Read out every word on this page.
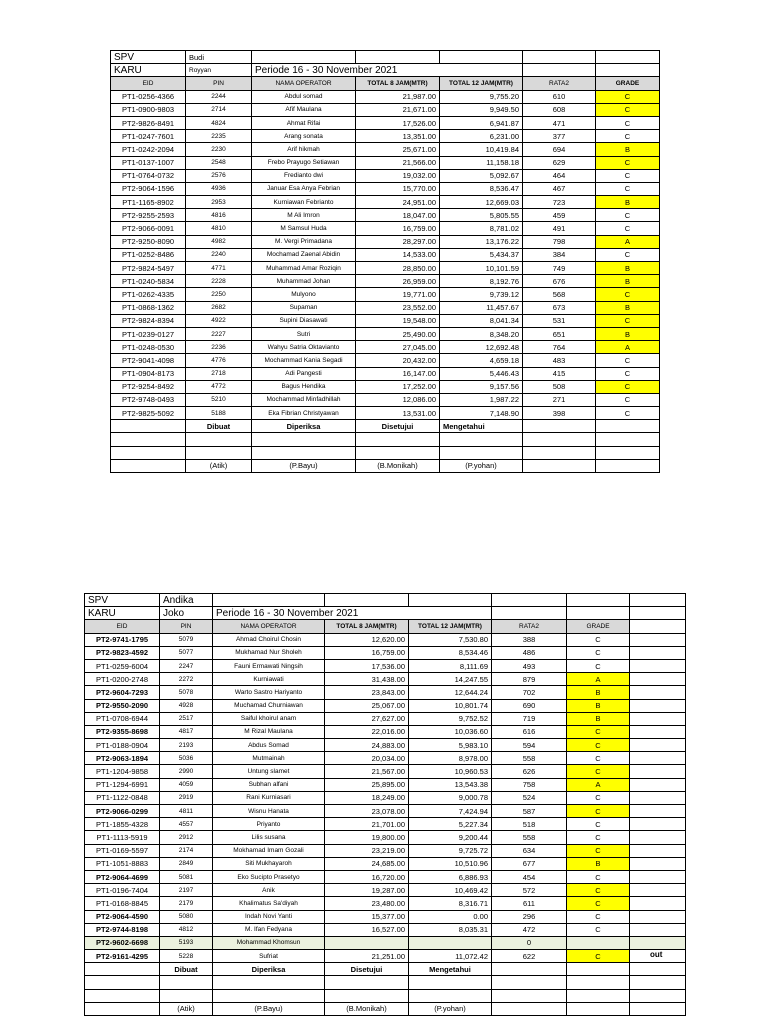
SPV	Budi					
KARU	Royyan	Periode 16 - 30 November 2021				
EID	PIN	NAMA OPERATOR	TOTAL 8 JAM(MTR)	TOTAL 12 JAM(MTR)	RATA2	GRADE
PT1-0256-4366	2244	Abdul somad	21,987.00	9,755.20	610	C
PT1-0900-9803	2714	Afif Maulana	21,671.00	9,949.50	608	C
PT2-9826-8491	4824	Ahmat Rifai	17,526.00	6,941.87	471	C
PT1-0247-7601	2235	Arang sonata	13,351.00	6,231.00	377	C
PT1-0242-2094	2230	Arif hikmah	25,671.00	10,419.84	694	B
PT1-0137-1007	2548	Frebo Prayugo Setiawan	21,566.00	11,158.18	629	C
PT1-0764-0732	2576	Fredianto dwi	19,032.00	5,092.67	464	C
PT2-9064-1596	4936	Januar Esa Anya Febrian	15,770.00	8,536.47	467	C
PT1-1165-8902	2953	Kurniawan Febrianto	24,951.00	12,669.03	723	B
PT2-9255-2593	4816	M Ali Imron	18,047.00	5,805.55	459	C
PT2-9066-0091	4810	M Samsul Huda	16,759.00	8,781.02	491	C
PT2-9250-8090	4982	M. Vergi Primadana	28,297.00	13,176.22	798	A
PT1-0252-8486	2240	Mochamad Zaenal Abidin	14,533.00	5,434.37	384	C
PT2-9824-5497	4771	Muhammad Amar Roziqin	28,850.00	10,101.59	749	B
PT1-0240-5834	2228	Muhammad Johan	26,959.00	8,192.76	676	B
PT1-0262-4335	2250	Mulyono	19,771.00	9,739.12	568	C
PT1-0868-1362	2682	Supaman	23,552.00	11,457.67	673	B
PT2-9824-8394	4922	Supini Diasawati	19,548.00	8,041.34	531	C
PT1-0239-0127	2227	Sutri	25,490.00	8,348.20	651	B
PT1-0248-0530	2236	Wahyu Satria Oktavianto	27,045.00	12,692.48	764	A
PT2-9041-4098	4776	Mochammad Kania Segadi	20,432.00	4,659.18	483	C
PT1-0904-8173	2718	Adi Pangesti	16,147.00	5,446.43	415	C
PT2-9254-8492	4772	Bagus Hendika	17,252.00	9,157.56	508	C
PT2-9748-0493	5210	Mochammad Minfadhillah	12,086.00	1,987.22	271	C
PT2-9825-5092	5188	Eka Fibrian Christyawan	13,531.00	7,148.90	398	C
	Dibuat	Diperiksa	Disetujui	Mengetahui		

	(Atik)	(P.Bayu)	(B.Monikah)	(P.yohan)		
SPV	Andika						
KARU	Joko	Periode 16 - 30 November 2021					
EID	PIN	NAMA OPERATOR	TOTAL 8 JAM(MTR)	TOTAL 12 JAM(MTR)	RATA2	GRADE	
PT2-9741-1795	5079	Ahmad Choirul Chosin	12,620.00	7,530.80	388	C	
PT2-9823-4592	5077	Mukhamad Nur Sholeh	16,759.00	8,534.46	486	C	
PT1-0259-6004	2247	Fauni Ermawati Ningsih	17,536.00	8,111.69	493	C	
PT1-0200-2748	2272	Kurniawati	31,438.00	14,247.55	879	A	
PT2-9604-7293	5078	Warto Sastro Hariyanto	23,843.00	12,644.24	702	B	
PT2-9550-2090	4928	Muchamad Churniawan	25,067.00	10,801.74	690	B	
PT1-0708-6944	2517	Saiful khoirul anam	27,627.00	9,752.52	719	B	
PT2-9355-8698	4817	M Rizal Maulana	22,016.00	10,036.60	616	C	
PT1-0188-0904	2193	Abdus Somad	24,883.00	5,983.10	594	C	
PT2-9063-1894	5036	Mutmainah	20,034.00	8,978.00	558	C	
PT1-1204-9858	2990	Untung slamet	21,567.00	10,960.53	626	C	
PT1-1294-6991	4059	Subhan alfani	25,895.00	13,543.38	758	A	
PT1-1122-0848	2919	Rani Kurniasari	18,249.00	9,000.78	524	C	
PT2-9066-0299	4811	Wisnu Hanata	23,078.00	7,424.94	587	C	
PT1-1855-4328	4557	Priyanto	21,701.00	5,227.34	518	C	
PT1-1113-5919	2912	Lilis susana	19,800.00	9,200.44	558	C	
PT1-0169-5597	2174	Mokhamad Imam Gozali	23,219.00	9,725.72	634	C	
PT1-1051-8883	2849	Siti Mukhayaroh	24,685.00	10,510.96	677	B	
PT2-9064-4699	5081	Eko Sucipto Prasetyo	16,720.00	6,886.93	454	C	
PT1-0196-7404	2197	Anik	19,287.00	10,469.42	572	C	
PT1-0168-8845	2179	Khalimatus Sa'diyah	23,480.00	8,316.71	611	C	
PT2-9064-4590	5080	Indah Novi Yanti	15,377.00	0.00	296	C	
PT2-9744-8198	4812	M. Ifan Fedyana	16,527.00	8,035.31	472	C	
PT2-9602-6698	5193	Mohammad Khomsun			0		
PT2-9161-4295	5228	Sufriat	21,251.00	11,072.42	622	C	
	Dibuat	Diperiksa	Disetujui	Mengetahui			

	(Atik)	(P.Bayu)	(B.Monikah)	(P.yohan)			
out
